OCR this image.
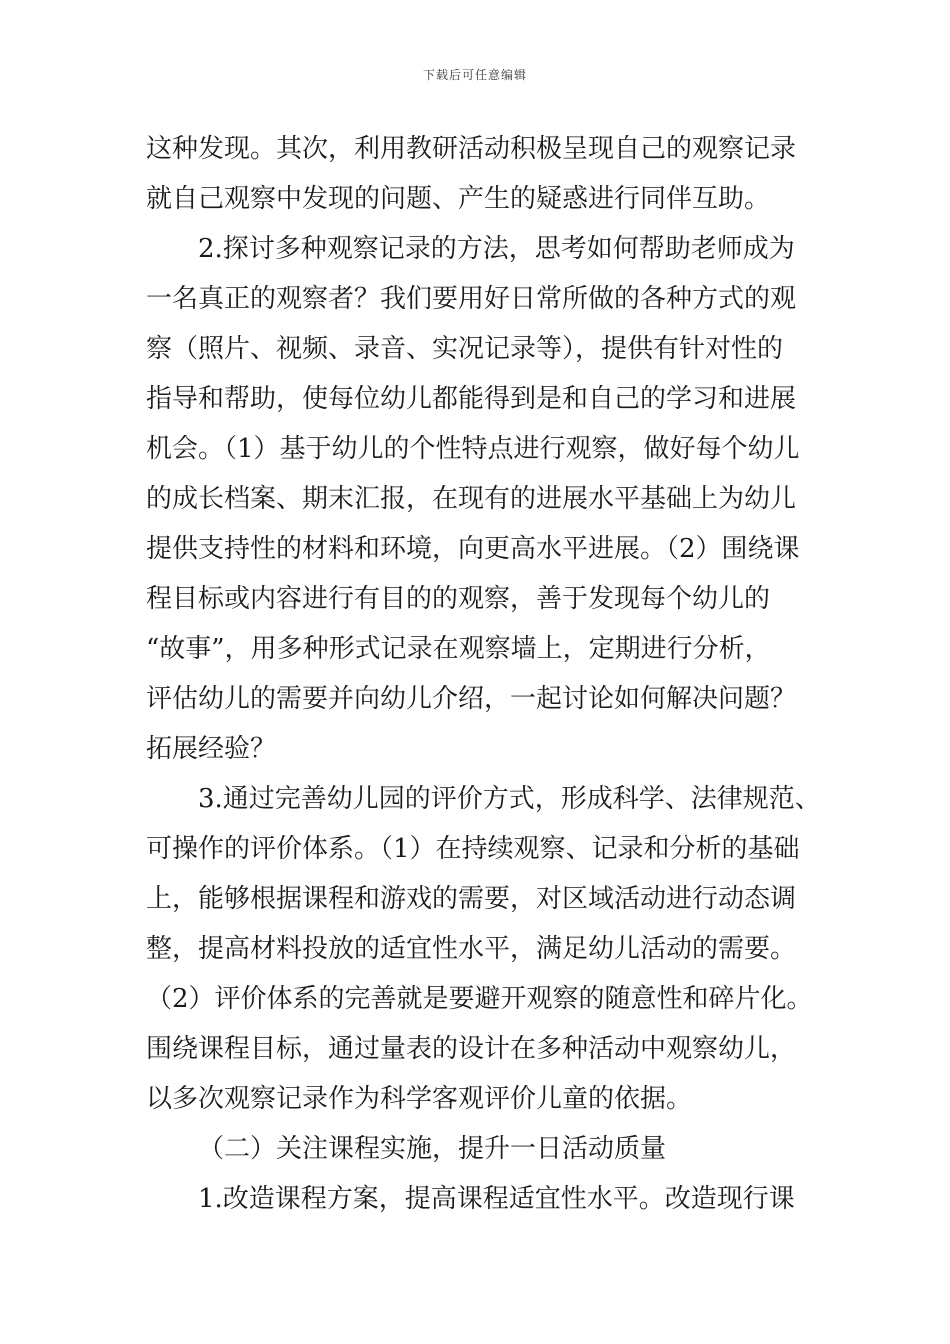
下载后可任意编辑
这种发现。其次，利用教研活动积极呈现自己的观察记录
就自己观察中发现的问题、产生的疑惑进行同伴互助。
2.探讨多种观察记录的方法，思考如何帮助老师成为
一名真正的观察者？我们要用好日常所做的各种方式的观
察（照片、视频、录音、实况记录等），提供有针对性的
指导和帮助，使每位幼儿都能得到是和自己的学习和进展
机会。（1）基于幼儿的个性特点进行观察，做好每个幼儿
的成长档案、期末汇报，在现有的进展水平基础上为幼儿
提供支持性的材料和环境，向更高水平进展。（2）围绕课
程目标或内容进行有目的的观察，善于发现每个幼儿的
“故事”，用多种形式记录在观察墙上，定期进行分析，
评估幼儿的需要并向幼儿介绍，一起讨论如何解决问题？
拓展经验？
3.通过完善幼儿园的评价方式，形成科学、法律规范、
可操作的评价体系。（1）在持续观察、记录和分析的基础
上，能够根据课程和游戏的需要，对区域活动进行动态调
整，提高材料投放的适宜性水平，满足幼儿活动的需要。
（2）评价体系的完善就是要避开观察的随意性和碎片化。
围绕课程目标，通过量表的设计在多种活动中观察幼儿，
以多次观察记录作为科学客观评价儿童的依据。
（二）关注课程实施，提升一日活动质量
1.改造课程方案，提高课程适宜性水平。改造现行课
